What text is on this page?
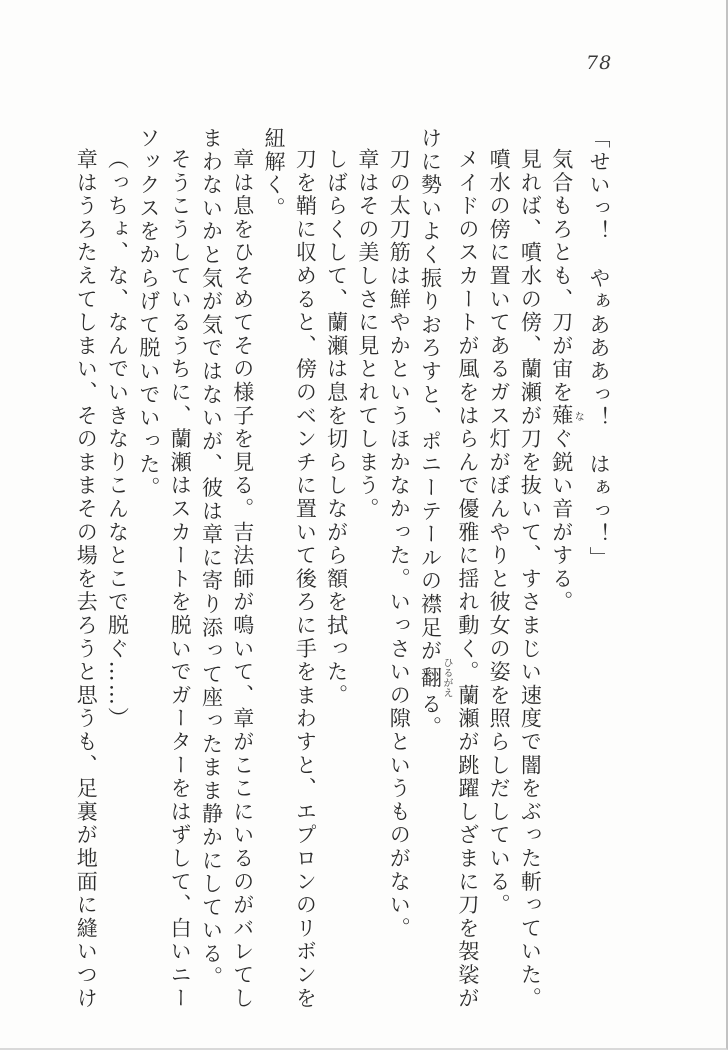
78
「せいっ！　やぁあああっ！　はぁっ！」
気合もろとも、刀が宙を薙なぐ鋭い音がする。
見れば、噴水の傍、蘭瀬が刀を抜いて、すさまじい速度で闇をぶった斬っていた。
噴水の傍に置いてあるガス灯がぼんやりと彼女の姿を照らしだしている。
メイドのスカートが風をはらんで優雅に揺れ動く。蘭瀬が跳躍しざまに刀を袈裟が
けに勢いよく振りおろすと、ポニーテールの襟足が翻ひるがえる。
刀の太刀筋は鮮やかというほかなかった。いっさいの隙というものがない。
章はその美しさに見とれてしまう。
しばらくして、蘭瀬は息を切らしながら額を拭った。
刀を鞘に収めると、傍のベンチに置いて後ろに手をまわすと、エプロンのリボンを
紐解く。
章は息をひそめてその様子を見る。吉法師が鳴いて、章がここにいるのがバレてし
まわないかと気が気ではないが、彼は章に寄り添って座ったまま静かにしている。
そうこうしているうちに、蘭瀬はスカートを脱いでガーターをはずして、白いニー
ソックスをからげて脱いでいった。
（っちょ、な、なんでいきなりこんなとこで脱ぐ……）
章はうろたえてしまい、そのままその場を去ろうと思うも、足裏が地面に縫いつけ
